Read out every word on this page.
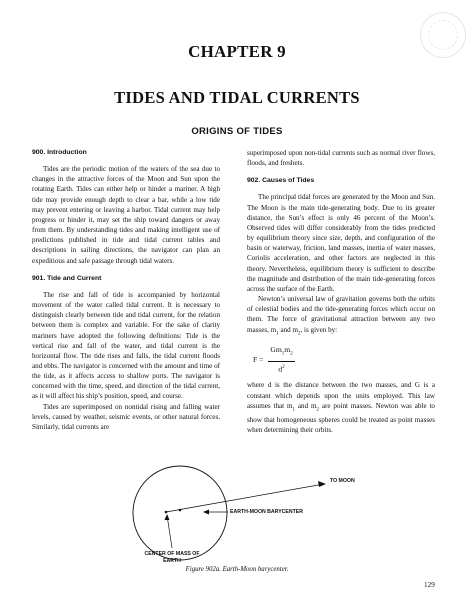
CHAPTER 9
TIDES AND TIDAL CURRENTS
ORIGINS OF TIDES

900. Introduction

Tides are the periodic motion of the waters of the sea due to changes in the attractive forces of the Moon and Sun upon the rotating Earth. Tides can either help or hinder a mariner. A high tide may provide enough depth to clear a bar, while a low tide may prevent entering or leaving a harbor. Tidal current may help progress or hinder it, may set the ship toward dangers or away from them. By understanding tides and making intelligent use of predictions published in tide and tidal current tables and descriptions in sailing directions, the navigator can plan an expeditious and safe passage through tidal waters.

901. Tide and Current

The rise and fall of tide is accompanied by horizontal movement of the water called tidal current. It is necessary to distinguish clearly between tide and tidal current, for the relation between them is complex and variable. For the sake of clarity mariners have adopted the following definitions: Tide is the vertical rise and fall of the water, and tidal current is the horizontal flow. The tide rises and falls, the tidal current floods and ebbs. The navigator is concerned with the amount and time of the tide, as it affects access to shallow ports. The navigator is concerned with the time, speed, and direction of the tidal current, as it will affect his ship’s position, speed, and course.

Tides are superimposed on nontidal rising and falling water levels, caused by weather, seismic events, or other natural forces. Similarly, tidal currents are

superimposed upon non-tidal currents such as normal river flows, floods, and freshets.

902. Causes of Tides

The principal tidal forces are generated by the Moon and Sun. The Moon is the main tide-generating body. Due to its greater distance, the Sun’s effect is only 46 percent of the Moon’s. Observed tides will differ considerably from the tides predicted by equilibrium theory since size, depth, and configuration of the basin or waterway, friction, land masses, inertia of water masses, Coriolis acceleration, and other factors are neglected in this theory. Nevertheless, equilibrium theory is sufficient to describe the magnitude and distribution of the main tide-generating forces across the surface of the Earth.

Newton’s universal law of gravitation governs both the orbits of celestial bodies and the tide-generating forces which occur on them. The force of gravitational attraction between any two masses, $m_1$ and $m_2$, is given by:

$F = \frac{Gm_1m_2}{d^2}$

where d is the distance between the two masses, and G is a constant which depends upon the units employed. This law assumes that $m_1$ and $m_2$ are point masses. Newton was able to show that homogeneous spheres could be treated as point masses when determining their orbits.

TO MOON
EARTH-MOON BARYCENTER
CENTER OF MASS OF EARTH
Figure 902a. Earth-Moon barycenter.
129
